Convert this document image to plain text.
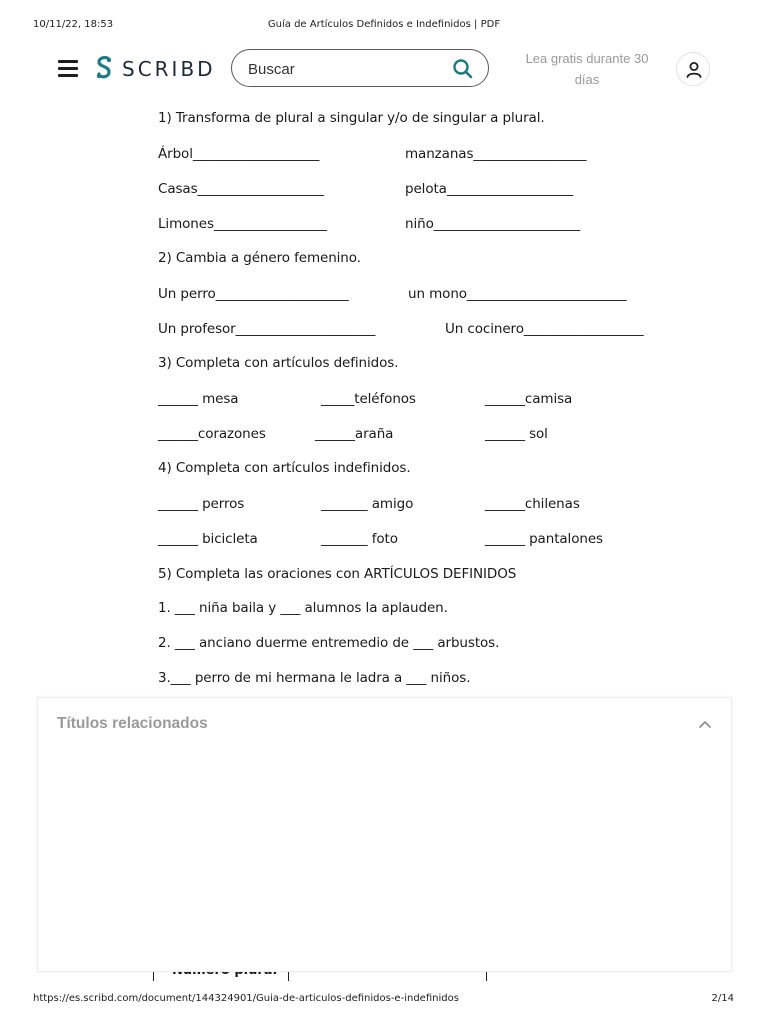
10/11/22, 18:53	Guía de Artículos Definidos e Indefinidos | PDF
SCRIBD
Buscar	Lea gratis durante 30
días
1) Transforma de plural a singular y/o de singular a plural.
Árbol___________________	manzanas_________________
Casas___________________	pelota___________________
Limones_________________	niño______________________
2) Cambia a género femenino.
Un perro____________________	un mono________________________
Un profesor_____________________	Un cocinero__________________
3) Completa con artículos definidos.
______ mesa	_____teléfonos	______camisa
______corazones	______araña	______ sol
4) Completa con artículos indefinidos.
______ perros	_______ amigo	______chilenas
______ bicicleta	_______ foto	______ pantalones
5) Completa las oraciones con ARTÍCULOS DEFINIDOS
1. ___ niña baila y ___ alumnos la aplauden.
2. ___ anciano duerme entremedio de ___ arbustos.
3.___ perro de mi hermana le ladra a ___ niños.
Títulos relacionados
https://es.scribd.com/document/144324901/Guia-de-articulos-definidos-e-indefinidos	2/14
